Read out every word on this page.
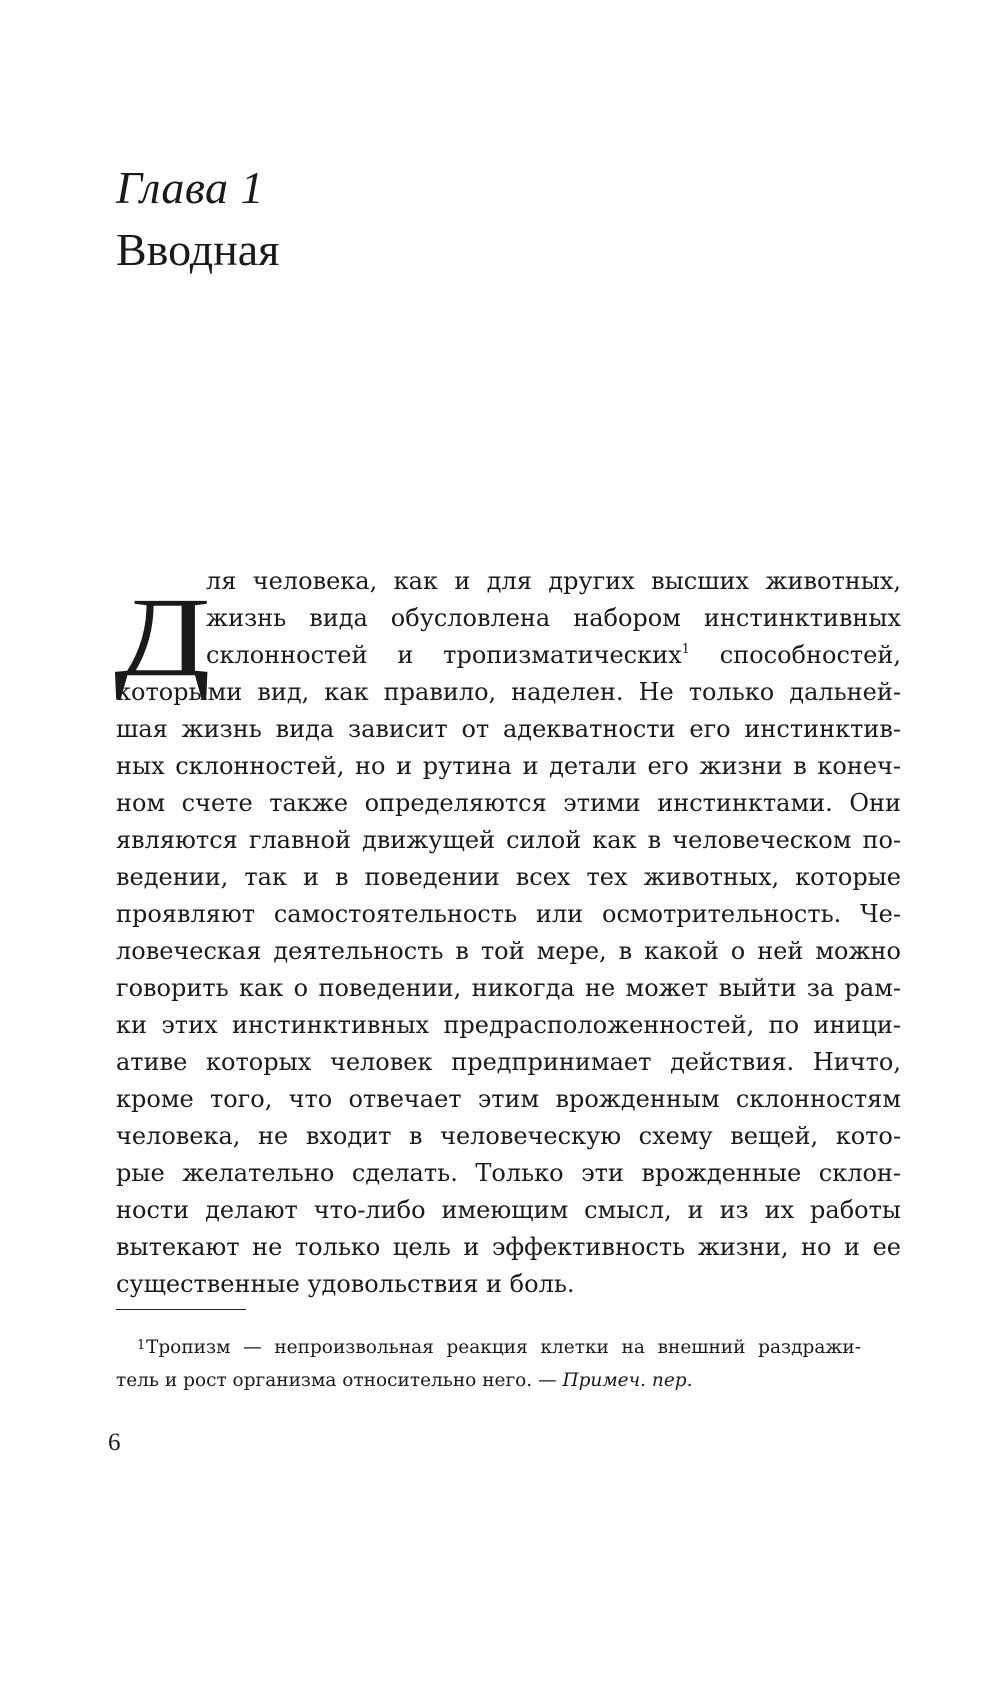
Глава 1
Вводная
Д
ля человека, как и для других высших животных,
жизнь вида обусловлена набором инстинктивных
склонностей и тропизматических$^1$ способностей,
которыми вид, как правило, наделен. Не только дальней-
шая жизнь вида зависит от адекватности его инстинктив-
ных склонностей, но и рутина и детали его жизни в конеч-
ном счете также определяются этими инстинктами. Они
являются главной движущей силой как в человеческом по-
ведении, так и в поведении всех тех животных, которые
проявляют самостоятельность или осмотрительность. Че-
ловеческая деятельность в той мере, в какой о ней можно
говорить как о поведении, никогда не может выйти за рам-
ки этих инстинктивных предрасположенностей, по иници-
ативе которых человек предпринимает действия. Ничто,
кроме того, что отвечает этим врожденным склонностям
человека, не входит в человеческую схему вещей, кото-
рые желательно сделать. Только эти врожденные склон-
ности делают что-либо имеющим смысл, и из их работы
вытекают не только цель и эффективность жизни, но и ее
существенные удовольствия и боль.
1 Тропизм — непроизвольная реакция клетки на внешний раздражи-
тель и рост организма относительно него. — Примеч. пер.
6
